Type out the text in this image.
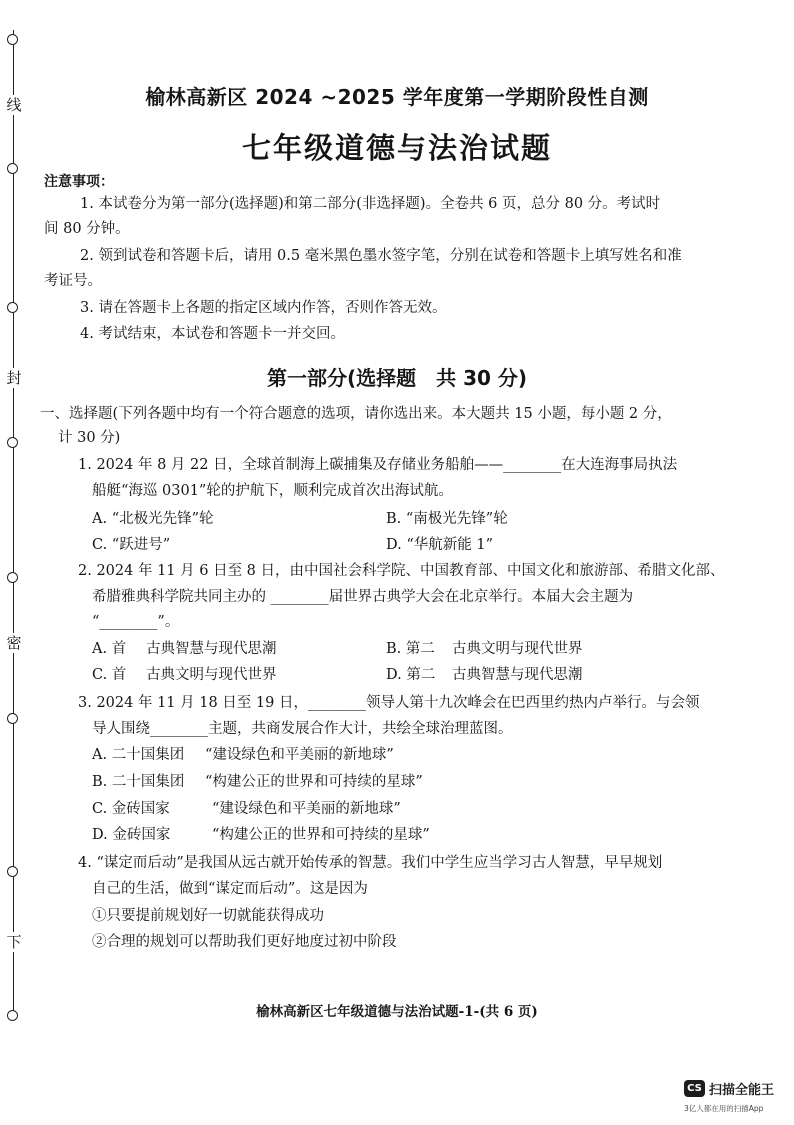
线
封
密
下
榆林高新区 2024 ~2025 学年度第一学期阶段性自测
七年级道德与法治试题
注意事项：
1. 本试卷分为第一部分(选择题)和第二部分(非选择题)。全卷共 6 页，总分 80 分。考试时
间 80 分钟。
2. 领到试卷和答题卡后，请用 0.5 毫米黑色墨水签字笔，分别在试卷和答题卡上填写姓名和准
考证号。
3. 请在答题卡上各题的指定区域内作答，否则作答无效。
4. 考试结束，本试卷和答题卡一并交回。
第一部分(选择题　共 30 分)
一、选择题(下列各题中均有一个符合题意的选项，请你选出来。本大题共 15 小题，每小题 2 分，
计 30 分)
1. 2024 年 8 月 22 日，全球首制海上碳捕集及存储业务船舶——________在大连海事局执法
船艇“海巡 0301”轮的护航下，顺利完成首次出海试航。
A. “北极光先锋”轮	B. “南极光先锋”轮
C. “跃进号”	D. “华航新能 1”
2. 2024 年 11 月 6 日至 8 日，由中国社会科学院、中国教育部、中国文化和旅游部、希腊文化部、
希腊雅典科学院共同主办的 ________届世界古典学大会在北京举行。本届大会主题为
“________”。
A. 首 古典智慧与现代思潮	B. 第二 古典文明与现代世界
C. 首 古典文明与现代世界	D. 第二 古典智慧与现代思潮
3. 2024 年 11 月 18 日至 19 日，________领导人第十九次峰会在巴西里约热内卢举行。与会领
导人围绕________主题，共商发展合作大计，共绘全球治理蓝图。
A. 二十国集团 “建设绿色和平美丽的新地球”
B. 二十国集团 “构建公正的世界和可持续的星球”
C. 金砖国家	“建设绿色和平美丽的新地球”
D. 金砖国家	“构建公正的世界和可持续的星球”
4. “谋定而后动”是我国从远古就开始传承的智慧。我们中学生应当学习古人智慧，早早规划
自己的生活，做到“谋定而后动”。这是因为
①只要提前规划好一切就能获得成功
②合理的规划可以帮助我们更好地度过初中阶段
榆林高新区七年级道德与法治试题-1-(共 6 页)
CS 扫描全能王
3亿人都在用的扫描App
